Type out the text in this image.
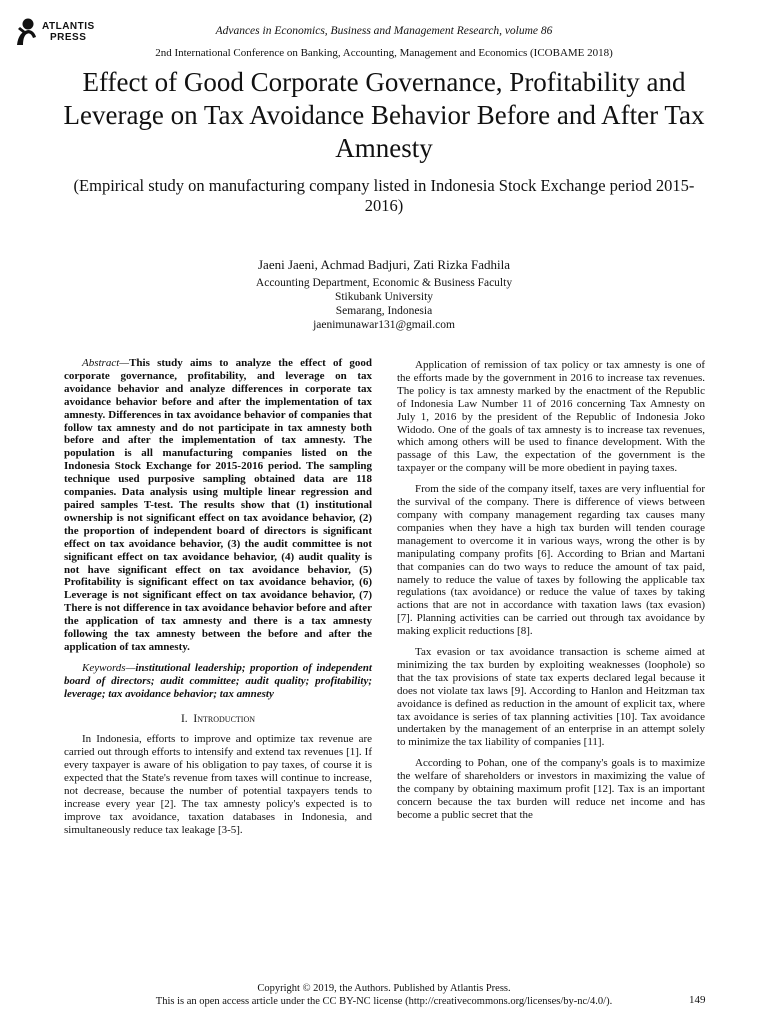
ATLANTIS
PRESS
Advances in Economics, Business and Management Research, volume 86
2nd International Conference on Banking, Accounting, Management and Economics (ICOBAME 2018)
Effect of Good Corporate Governance, Profitability and Leverage on Tax Avoidance Behavior Before and After Tax Amnesty
(Empirical study on manufacturing company listed in Indonesia Stock Exchange period 2015-2016)
Jaeni Jaeni, Achmad Badjuri, Zati Rizka Fadhila
Accounting Department, Economic & Business Faculty
Stikubank University
Semarang, Indonesia
jaenimunawar131@gmail.com

Abstract—This study aims to analyze the effect of good corporate governance, profitability, and leverage on tax avoidance behavior and analyze differences in corporate tax avoidance behavior before and after the implementation of tax amnesty. Differences in tax avoidance behavior of companies that follow tax amnesty and do not participate in tax amnesty both before and after the implementation of tax amnesty. The population is all manufacturing companies listed on the Indonesia Stock Exchange for 2015-2016 period. The sampling technique used purposive sampling obtained data are 118 companies. Data analysis using multiple linear regression and paired samples T-test. The results show that (1) institutional ownership is not significant effect on tax avoidance behavior, (2) the proportion of independent board of directors is significant effect on tax avoidance behavior, (3) the audit committee is not significant effect on tax avoidance behavior, (4) audit quality is not have significant effect on tax avoidance behavior, (5) Profitability is significant effect on tax avoidance behavior, (6) Leverage is not significant effect on tax avoidance behavior, (7) There is not difference in tax avoidance behavior before and after the application of tax amnesty and there is a tax amnesty following the tax amnesty between the before and after the application of tax amnesty.

Keywords—institutional leadership; proportion of independent board of directors; audit committee; audit quality; profitability; leverage; tax avoidance behavior; tax amnesty

I. Introduction

In Indonesia, efforts to improve and optimize tax revenue are carried out through efforts to intensify and extend tax revenues [1]. If every taxpayer is aware of his obligation to pay taxes, of course it is expected that the State's revenue from taxes will continue to increase, not decrease, because the number of potential taxpayers tends to increase every year [2]. The tax amnesty policy's expected is to improve tax avoidance, taxation databases in Indonesia, and simultaneously reduce tax leakage [3-5].

Application of remission of tax policy or tax amnesty is one of the efforts made by the government in 2016 to increase tax revenues. The policy is tax amnesty marked by the enactment of the Republic of Indonesia Law Number 11 of 2016 concerning Tax Amnesty on July 1, 2016 by the president of the Republic of Indonesia Joko Widodo. One of the goals of tax amnesty is to increase tax revenues, which among others will be used to finance development. With the passage of this Law, the expectation of the government is the taxpayer or the company will be more obedient in paying taxes.

From the side of the company itself, taxes are very influential for the survival of the company. There is difference of views between company with company management regarding tax causes many companies when they have a high tax burden will tenden courage management to overcome it in various ways, wrong the other is by manipulating company profits [6]. According to Brian and Martani that companies can do two ways to reduce the amount of tax paid, namely to reduce the value of taxes by following the applicable tax regulations (tax avoidance) or reduce the value of taxes by taking actions that are not in accordance with taxation laws (tax evasion) [7]. Planning activities can be carried out through tax avoidance by making explicit reductions [8].

Tax evasion or tax avoidance transaction is scheme aimed at minimizing the tax burden by exploiting weaknesses (loophole) so that the tax provisions of state tax experts declared legal because it does not violate tax laws [9]. According to Hanlon and Heitzman tax avoidance is defined as reduction in the amount of explicit tax, where tax avoidance is series of tax planning activities [10]. Tax avoidance undertaken by the management of an enterprise in an attempt solely to minimize the tax liability of companies [11].

According to Pohan, one of the company's goals is to maximize the welfare of shareholders or investors in maximizing the value of the company by obtaining maximum profit [12]. Tax is an important concern because the tax burden will reduce net income and has become a public secret that the

Copyright © 2019, the Authors. Published by Atlantis Press.
This is an open access article under the CC BY-NC license (http://creativecommons.org/licenses/by-nc/4.0/).	149
